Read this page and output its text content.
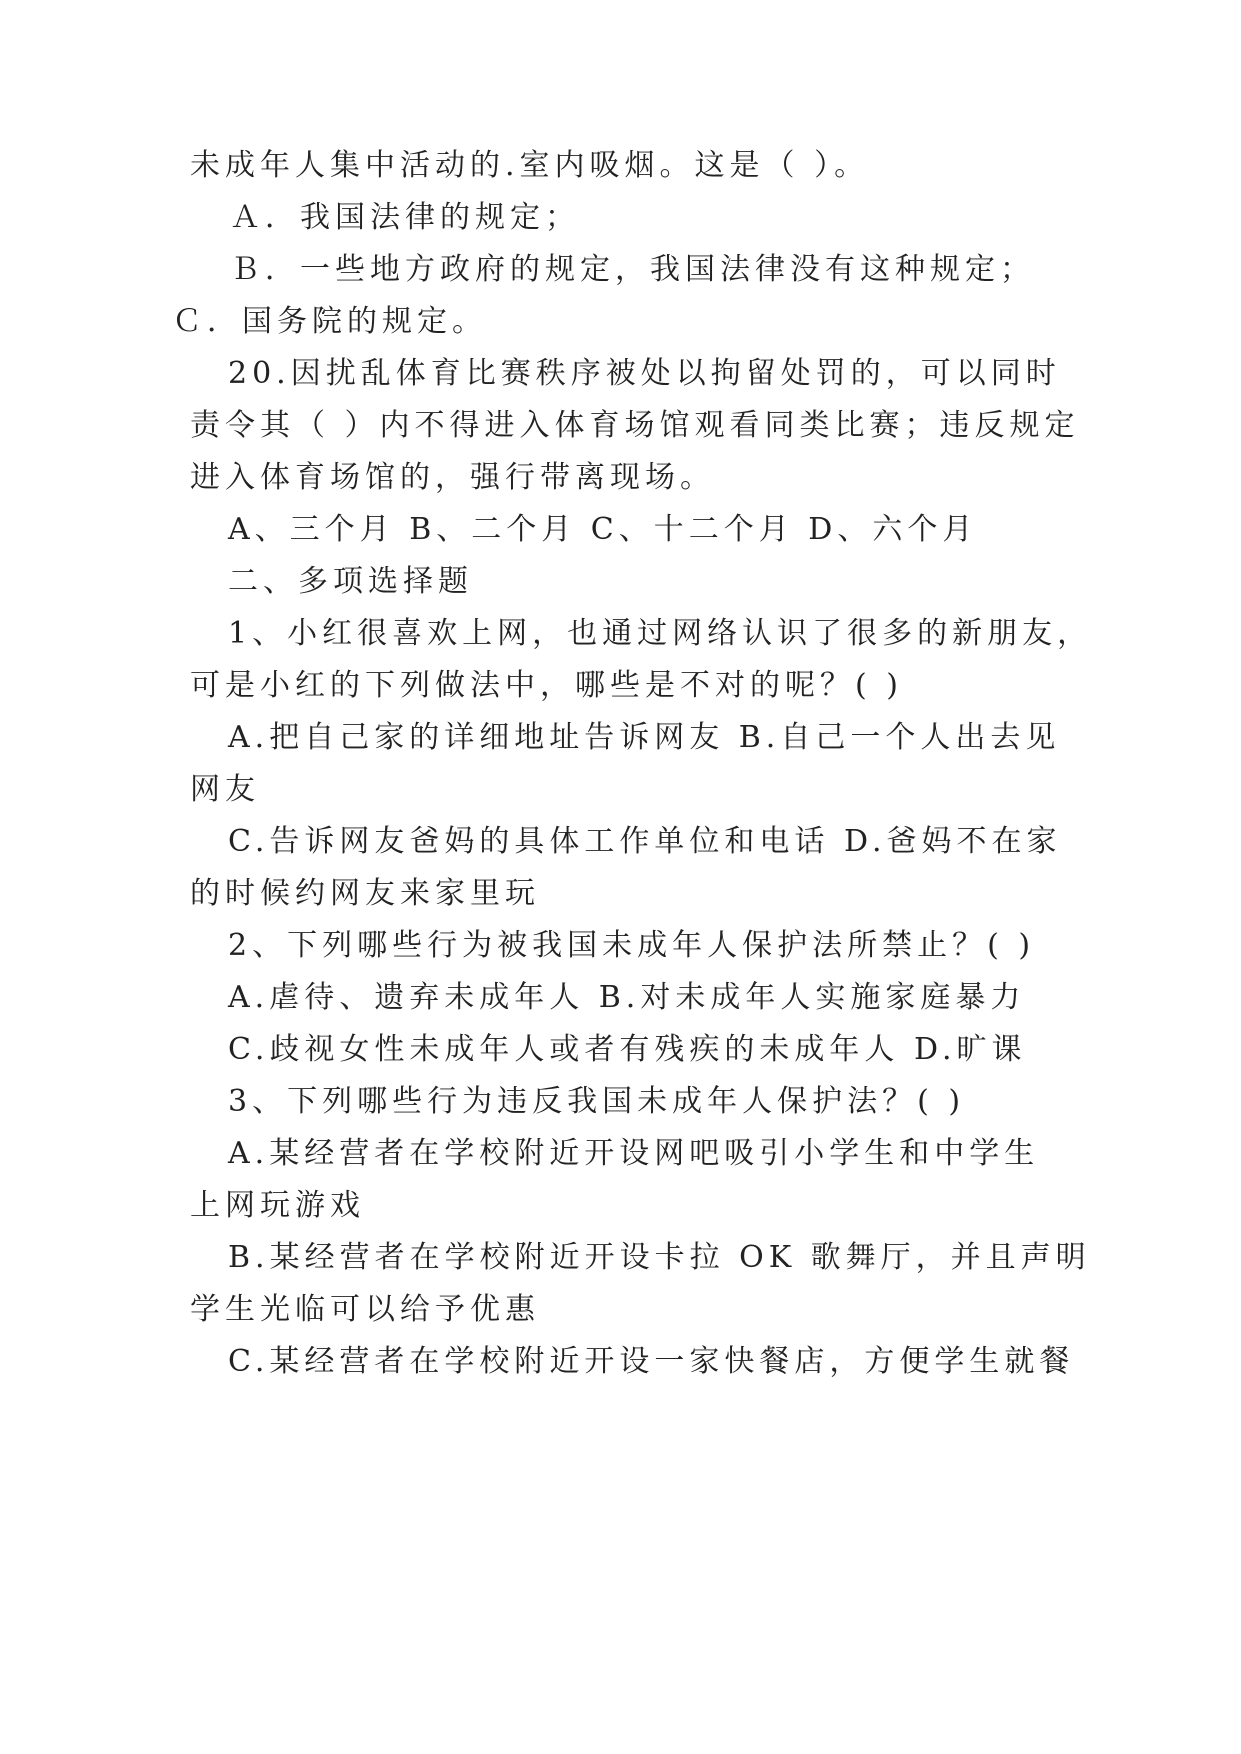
未成年人集中活动的.室内吸烟。这是（ ）。
Ａ．我国法律的规定；
Ｂ．一些地方政府的规定，我国法律没有这种规定；
Ｃ．国务院的规定。
20.因扰乱体育比赛秩序被处以拘留处罚的，可以同时
责令其（ ）内不得进入体育场馆观看同类比赛；违反规定
进入体育场馆的，强行带离现场。
A、三个月 B、二个月 C、十二个月 D、六个月
二、多项选择题
1、小红很喜欢上网，也通过网络认识了很多的新朋友，
可是小红的下列做法中，哪些是不对的呢？( )
A.把自己家的详细地址告诉网友 B.自己一个人出去见
网友
C.告诉网友爸妈的具体工作单位和电话 D.爸妈不在家
的时候约网友来家里玩
2、下列哪些行为被我国未成年人保护法所禁止？( )
A.虐待、遗弃未成年人 B.对未成年人实施家庭暴力
C.歧视女性未成年人或者有残疾的未成年人 D.旷课
3、下列哪些行为违反我国未成年人保护法？( )
A.某经营者在学校附近开设网吧吸引小学生和中学生
上网玩游戏
B.某经营者在学校附近开设卡拉 OK 歌舞厅，并且声明
学生光临可以给予优惠
C.某经营者在学校附近开设一家快餐店，方便学生就餐
